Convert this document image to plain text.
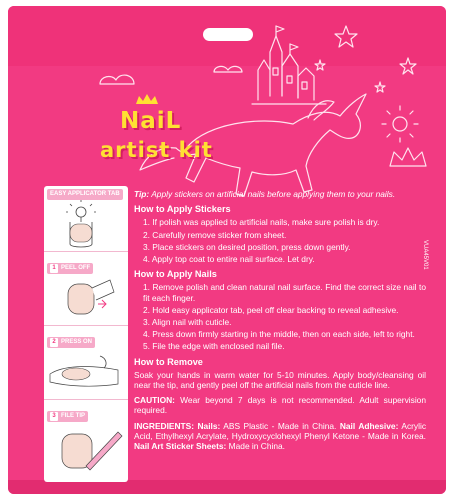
NaiL
artist kit
EASY APPLICATOR TAB
1 PEEL OFF
2 PRESS ON
3 FILE TIP

Tip: Apply stickers on artificial nails before applying them to your nails.

How to Apply Stickers
1. If polish was applied to artificial nails, make sure polish is dry.
2. Carefully remove sticker from sheet.
3. Place stickers on desired position, press down gently.
4. Apply top coat to entire nail surface. Let dry.
How to Apply Nails
1. Remove polish and clean natural nail surface. Find the correct size nail to fit each finger.
2. Hold easy applicator tab, peel off clear backing to reveal adhesive.
3. Align nail with cuticle.
4. Press down firmly starting in the middle, then on each side, left to right.
5. File the edge with enclosed nail file.
How to Remove

Soak your hands in warm water for 5-10 minutes. Apply body/cleansing oil near the tip, and gently peel off the artificial nails from the cuticle line.

CAUTION: Wear beyond 7 days is not recommended. Adult supervision required.

INGREDIENTS: Nails: ABS Plastic - Made in China. Nail Adhesive: Acrylic Acid, Ethylhexyl Acrylate, Hydroxycyclohexyl Phenyl Ketone - Made in Korea. Nail Art Sticker Sheets: Made in China.

VUA45V01
